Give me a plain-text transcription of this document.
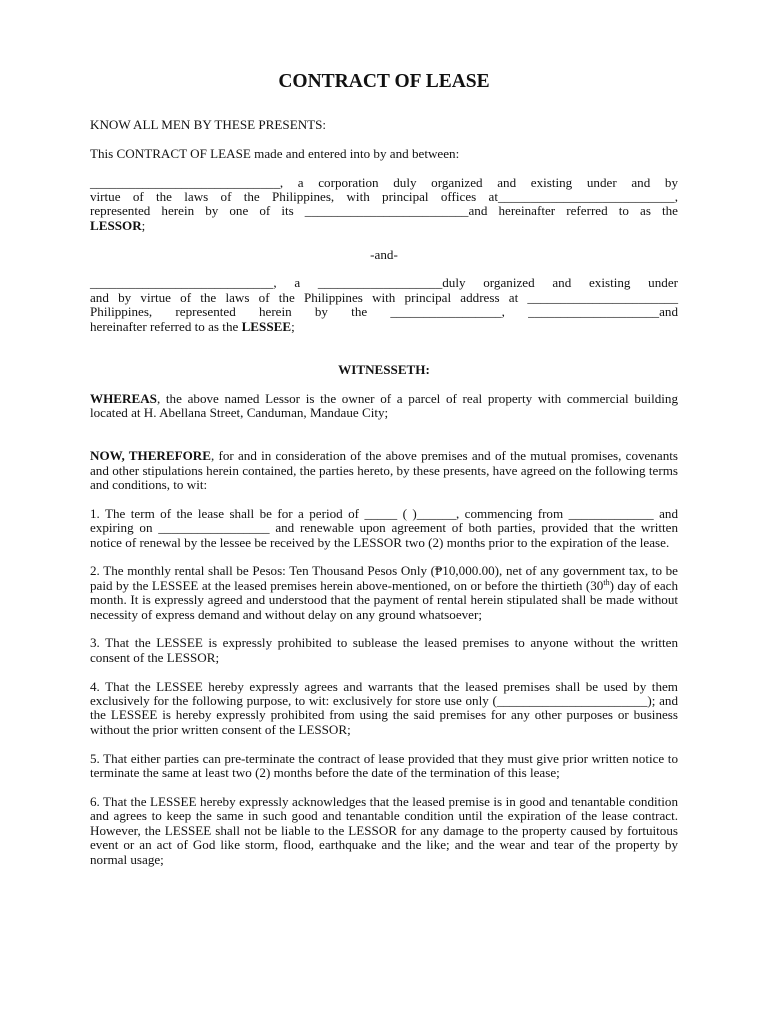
CONTRACT OF LEASE

KNOW ALL MEN BY THESE PRESENTS:

This CONTRACT OF LEASE made and entered into by and between:

_____________________________, a corporation duly organized and existing under and by
virtue of the laws of the Philippines, with principal offices at___________________________,
represented herein by one of its _________________________and hereinafter referred to as the
LESSOR;

-and-

____________________________, a ___________________duly organized and existing under
and by virtue of the laws of the Philippines with principal address at _______________________
Philippines, represented herein by the _________________, ____________________and
hereinafter referred to as the LESSEE;

WITNESSETH:

WHEREAS, the above named Lessor is the owner of a parcel of real property with commercial building located at H. Abellana Street, Canduman, Mandaue City;

NOW, THEREFORE, for and in consideration of the above premises and of the mutual promises, covenants and other stipulations herein contained, the parties hereto, by these presents, have agreed on the following terms and conditions, to wit:

1. The term of the lease shall be for a period of _____ ( )______, commencing from _____________ and expiring on _________________ and renewable upon agreement of both parties, provided that the written notice of renewal by the lessee be received by the LESSOR two (2) months prior to the expiration of the lease.

2. The monthly rental shall be Pesos: Ten Thousand Pesos Only (₱10,000.00), net of any government tax, to be paid by the LESSEE at the leased premises herein above-mentioned, on or before the thirtieth (30th) day of each month. It is expressly agreed and understood that the payment of rental herein stipulated shall be made without necessity of express demand and without delay on any ground whatsoever;

3. That the LESSEE is expressly prohibited to sublease the leased premises to anyone without the written consent of the LESSOR;

4. That the LESSEE hereby expressly agrees and warrants that the leased premises shall be used by them exclusively for the following purpose, to wit: exclusively for store use only (_______________________); and the LESSEE is hereby expressly prohibited from using the said premises for any other purposes or business without the prior written consent of the LESSOR;

5. That either parties can pre-terminate the contract of lease provided that they must give prior written notice to terminate the same at least two (2) months before the date of the termination of this lease;

6. That the LESSEE hereby expressly acknowledges that the leased premise is in good and tenantable condition and agrees to keep the same in such good and tenantable condition until the expiration of the lease contract. However, the LESSEE shall not be liable to the LESSOR for any damage to the property caused by fortuitous event or an act of God like storm, flood, earthquake and the like; and the wear and tear of the property by normal usage;
